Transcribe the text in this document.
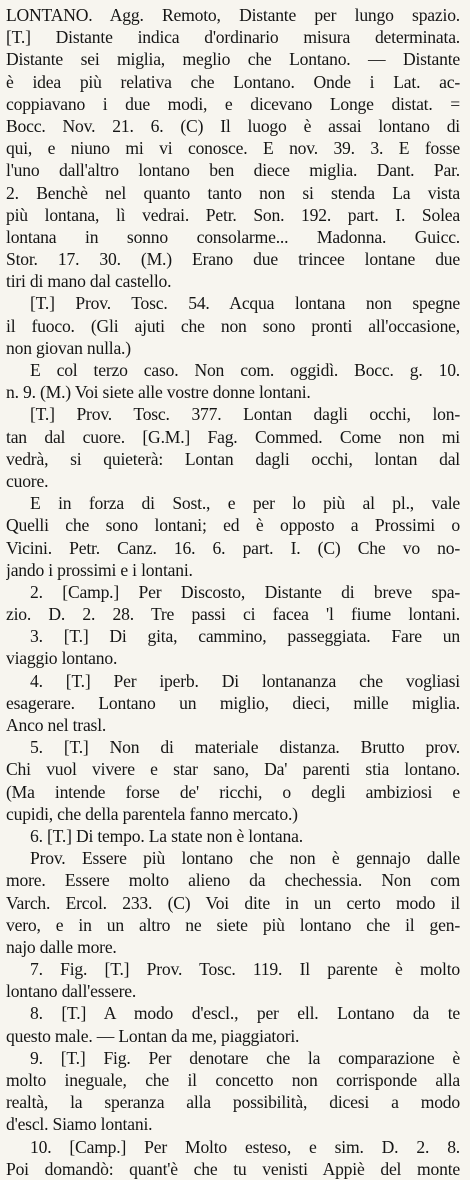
LONTANO. Agg. Remoto, Distante per lungo spazio.
[T.] Distante indica d'ordinario misura determinata.
Distante sei miglia, meglio che Lontano. — Distante
è idea più relativa che Lontano. Onde i Lat. ac-
coppiavano i due modi, e dicevano Longe distat. =
Bocc. Nov. 21. 6. (C) Il luogo è assai lontano di
qui, e niuno mi vi conosce. E nov. 39. 3. E fosse
l'uno dall'altro lontano ben diece miglia. Dant. Par.
2. Benchè nel quanto tanto non si stenda La vista
più lontana, lì vedrai. Petr. Son. 192. part. I. Solea
lontana in sonno consolarme... Madonna. Guicc.
Stor. 17. 30. (M.) Erano due trincee lontane due
tiri di mano dal castello.
[T.] Prov. Tosc. 54. Acqua lontana non spegne
il fuoco. (Gli ajuti che non sono pronti all'occasione,
non giovan nulla.)
E col terzo caso. Non com. oggidì. Bocc. g. 10.
n. 9. (M.) Voi siete alle vostre donne lontani.
[T.] Prov. Tosc. 377. Lontan dagli occhi, lon-
tan dal cuore. [G.M.] Fag. Commed. Come non mi
vedrà, si quieterà: Lontan dagli occhi, lontan dal
cuore.
E in forza di Sost., e per lo più al pl., vale
Quelli che sono lontani; ed è opposto a Prossimi o
Vicini. Petr. Canz. 16. 6. part. I. (C) Che vo no-
jando i prossimi e i lontani.
2. [Camp.] Per Discosto, Distante di breve spa-
zio. D. 2. 28. Tre passi ci facea 'l fiume lontani.
3. [T.] Di gita, cammino, passeggiata. Fare un
viaggio lontano.
4. [T.] Per iperb. Di lontananza che vogliasi
esagerare. Lontano un miglio, dieci, mille miglia.
Anco nel trasl.
5. [T.] Non di materiale distanza. Brutto prov.
Chi vuol vivere e star sano, Da' parenti stia lontano.
(Ma intende forse de' ricchi, o degli ambiziosi e
cupidi, che della parentela fanno mercato.)
6. [T.] Di tempo. La state non è lontana.
Prov. Essere più lontano che non è gennajo dalle
more. Essere molto alieno da chechessia. Non com
Varch. Ercol. 233. (C) Voi dite in un certo modo il
vero, e in un altro ne siete più lontano che il gen-
najo dalle more.
7. Fig. [T.] Prov. Tosc. 119. Il parente è molto
lontano dall'essere.
8. [T.] A modo d'escl., per ell. Lontano da te
questo male. — Lontan da me, piaggiatori.
9. [T.] Fig. Per denotare che la comparazione è
molto ineguale, che il concetto non corrisponde alla
realtà, la speranza alla possibilità, dicesi a modo
d'escl. Siamo lontani.
10. [Camp.] Per Molto esteso, e sim. D. 2. 8.
Poi domandò: quant'è che tu venisti Appiè del monte
